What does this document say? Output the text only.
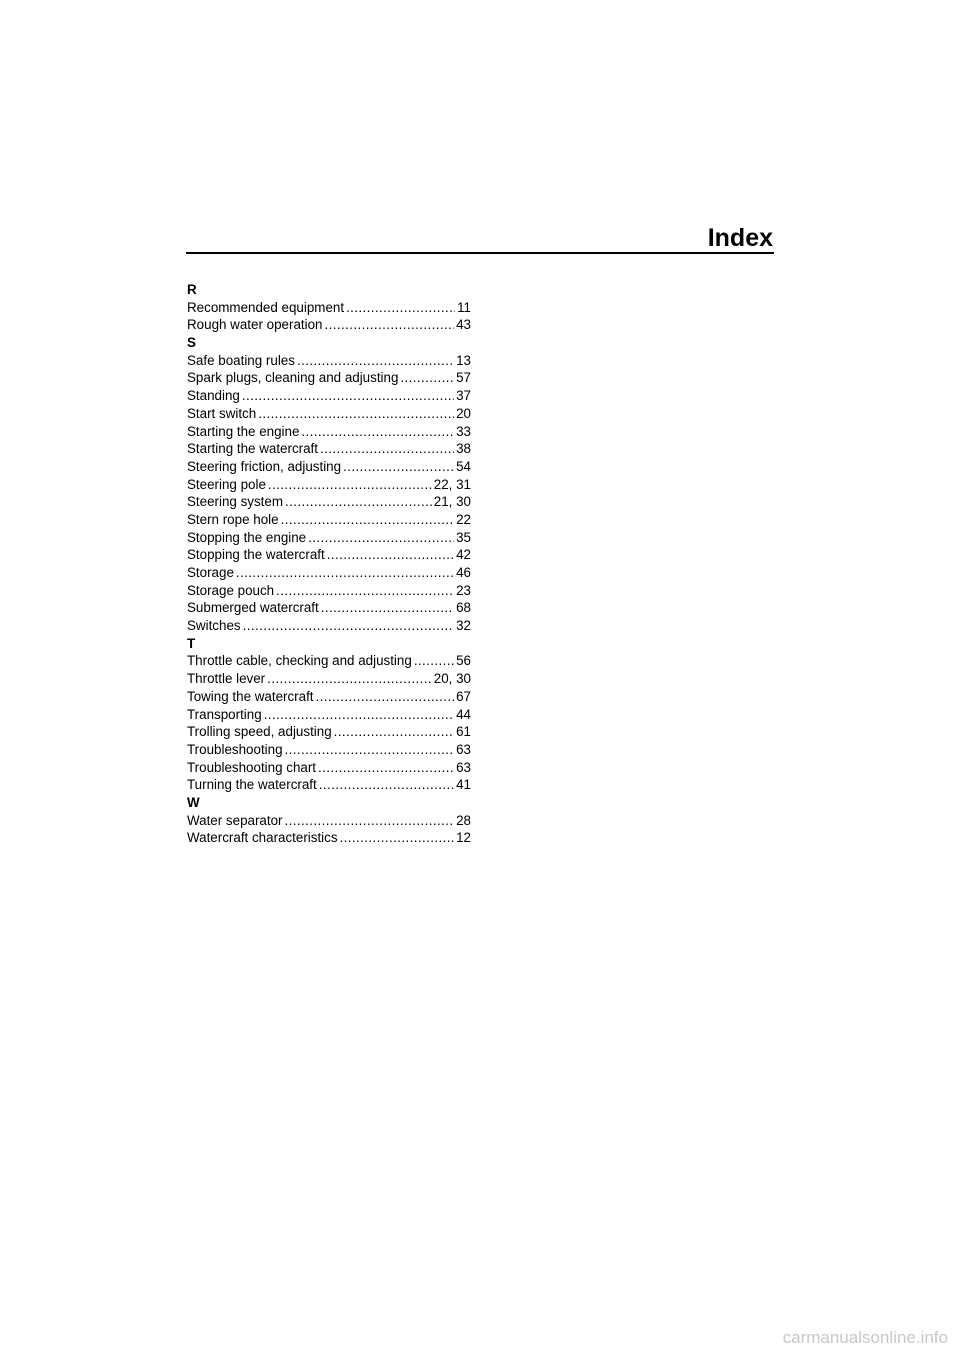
Index
R
Recommended equipment .....	11
Rough water operation .....	43
S
Safe boating rules .....	13
Spark plugs, cleaning and adjusting .....	57
Standing .....	37
Start switch .....	20
Starting the engine .....	33
Starting the watercraft .....	38
Steering friction, adjusting .....	54
Steering pole .....	22, 31
Steering system .....	21, 30
Stern rope hole .....	22
Stopping the engine .....	35
Stopping the watercraft .....	42
Storage .....	46
Storage pouch .....	23
Submerged watercraft .....	68
Switches .....	32
T
Throttle cable, checking and adjusting .....	56
Throttle lever .....	20, 30
Towing the watercraft .....	67
Transporting .....	44
Trolling speed, adjusting .....	61
Troubleshooting .....	63
Troubleshooting chart .....	63
Turning the watercraft .....	41
W
Water separator .....	28
Watercraft characteristics .....	12
carmanualsonline.info
